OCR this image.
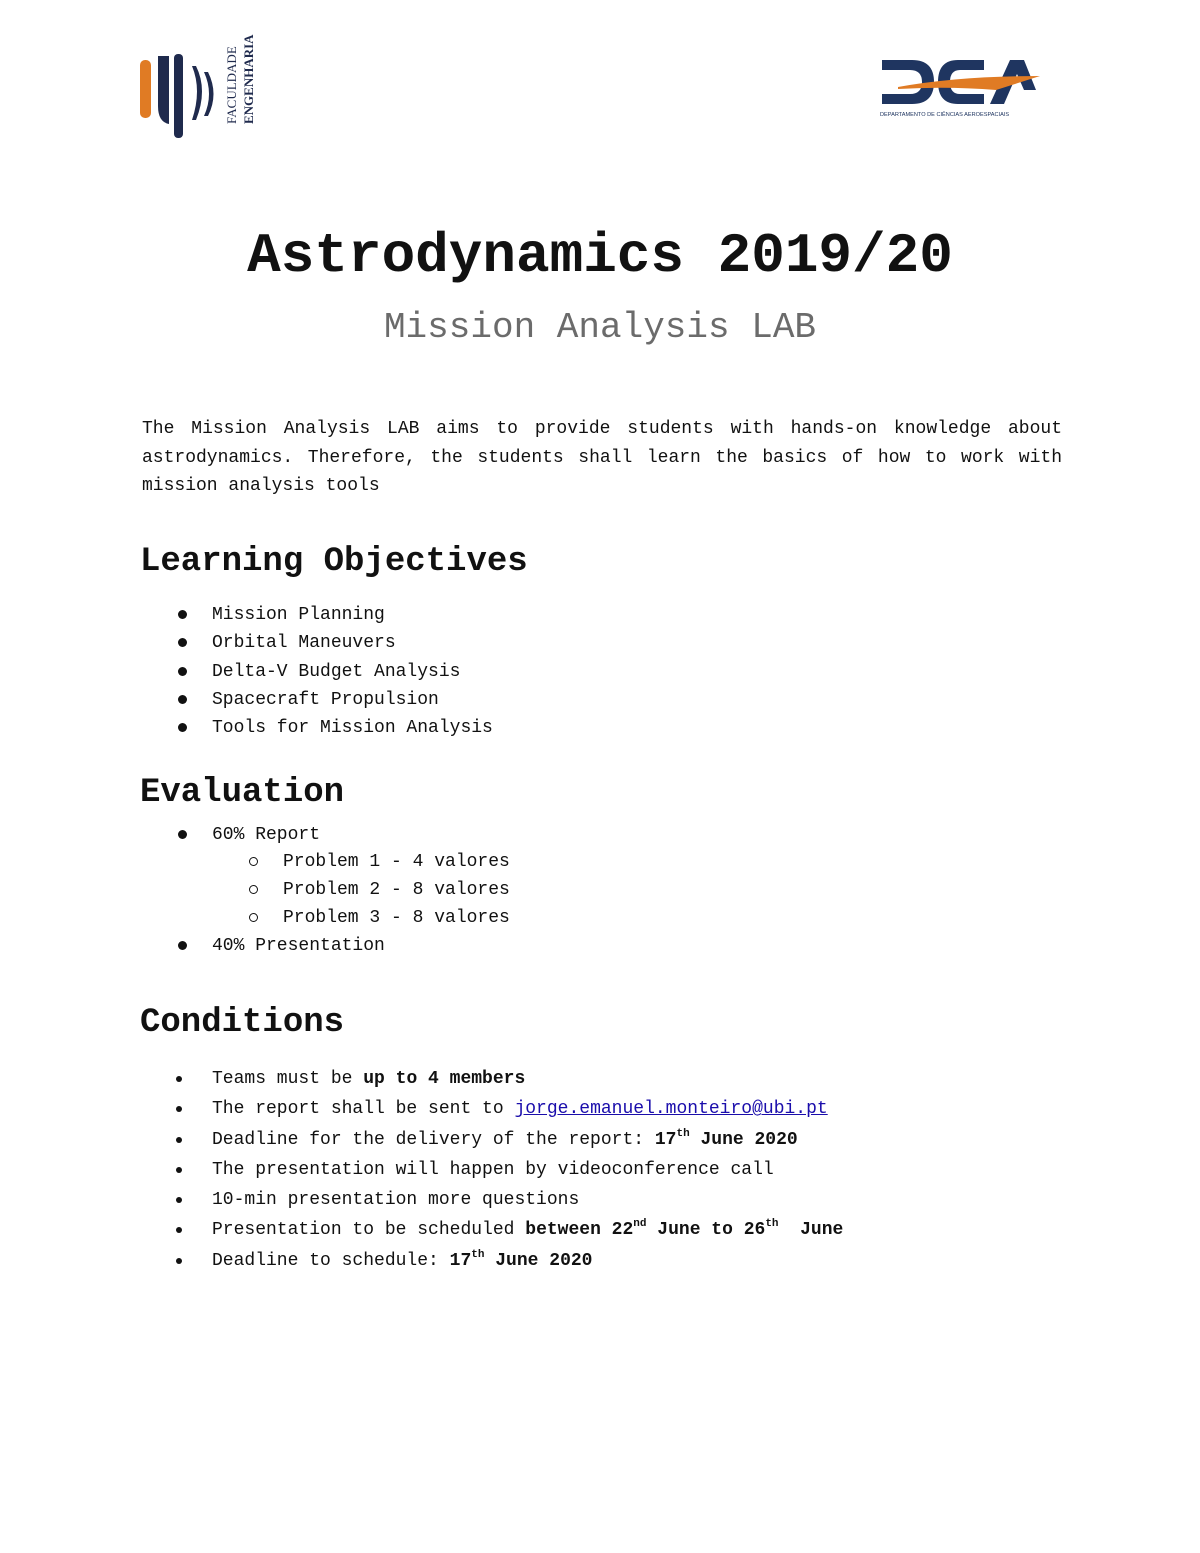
FACULDADE ENGENHARIA	DEPARTAMENTO DE CIÊNCIAS AEROESPACIAIS
Astrodynamics 2019/20
Mission Analysis LAB

The Mission Analysis LAB aims to provide students with hands-on knowledge about astrodynamics. Therefore, the students shall learn the basics of how to work with mission analysis tools

Learning Objectives
Mission Planning
Orbital Maneuvers
Delta-V Budget Analysis
Spacecraft Propulsion
Tools for Mission Analysis
Evaluation
60% Report
Problem 1 - 4 valores
Problem 2 - 8 valores
Problem 3 - 8 valores
40% Presentation
Conditions
Teams must be up to 4 members
The report shall be sent to jorge.emanuel.monteiro@ubi.pt
Deadline for the delivery of the report: 17th June 2020
The presentation will happen by videoconference call
10-min presentation more questions
Presentation to be scheduled between 22nd June to 26th  June
Deadline to schedule: 17th June 2020
